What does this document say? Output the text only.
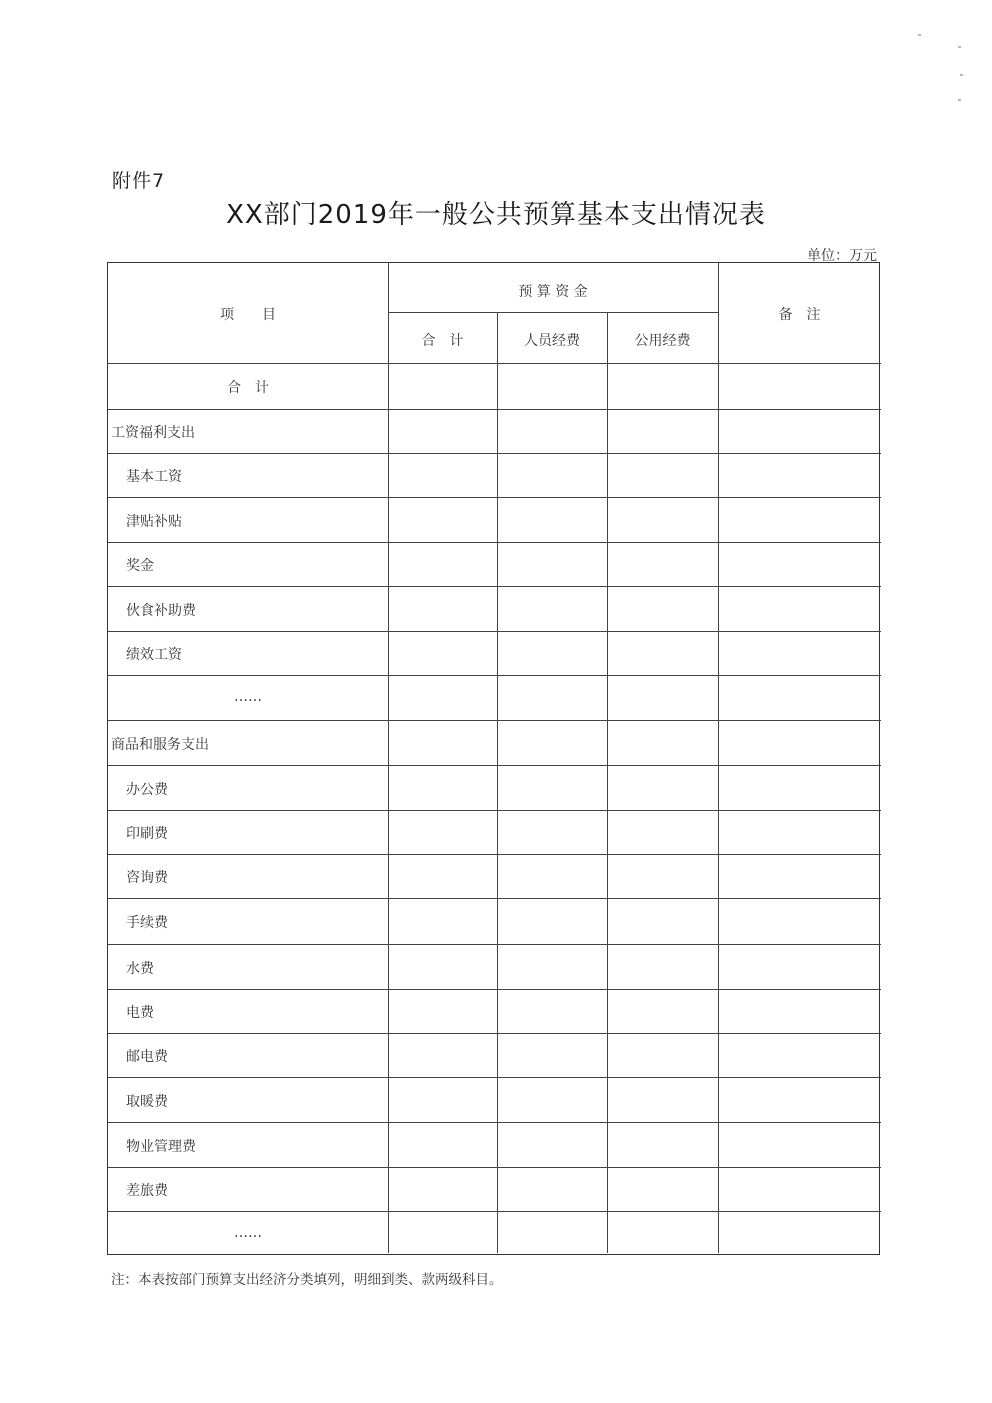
附件7
XX部门2019年一般公共预算基本支出情况表
单位：万元
项　　目
预 算 资 金
合　计	人员经费	公用经费
备　注
合　计
工资福利支出
基本工资
津贴补贴
奖金
伙食补助费
绩效工资
……
商品和服务支出
办公费
印刷费
咨询费
手续费
水费
电费
邮电费
取暖费
物业管理费
差旅费
……
注：本表按部门预算支出经济分类填列，明细到类、款两级科目。
